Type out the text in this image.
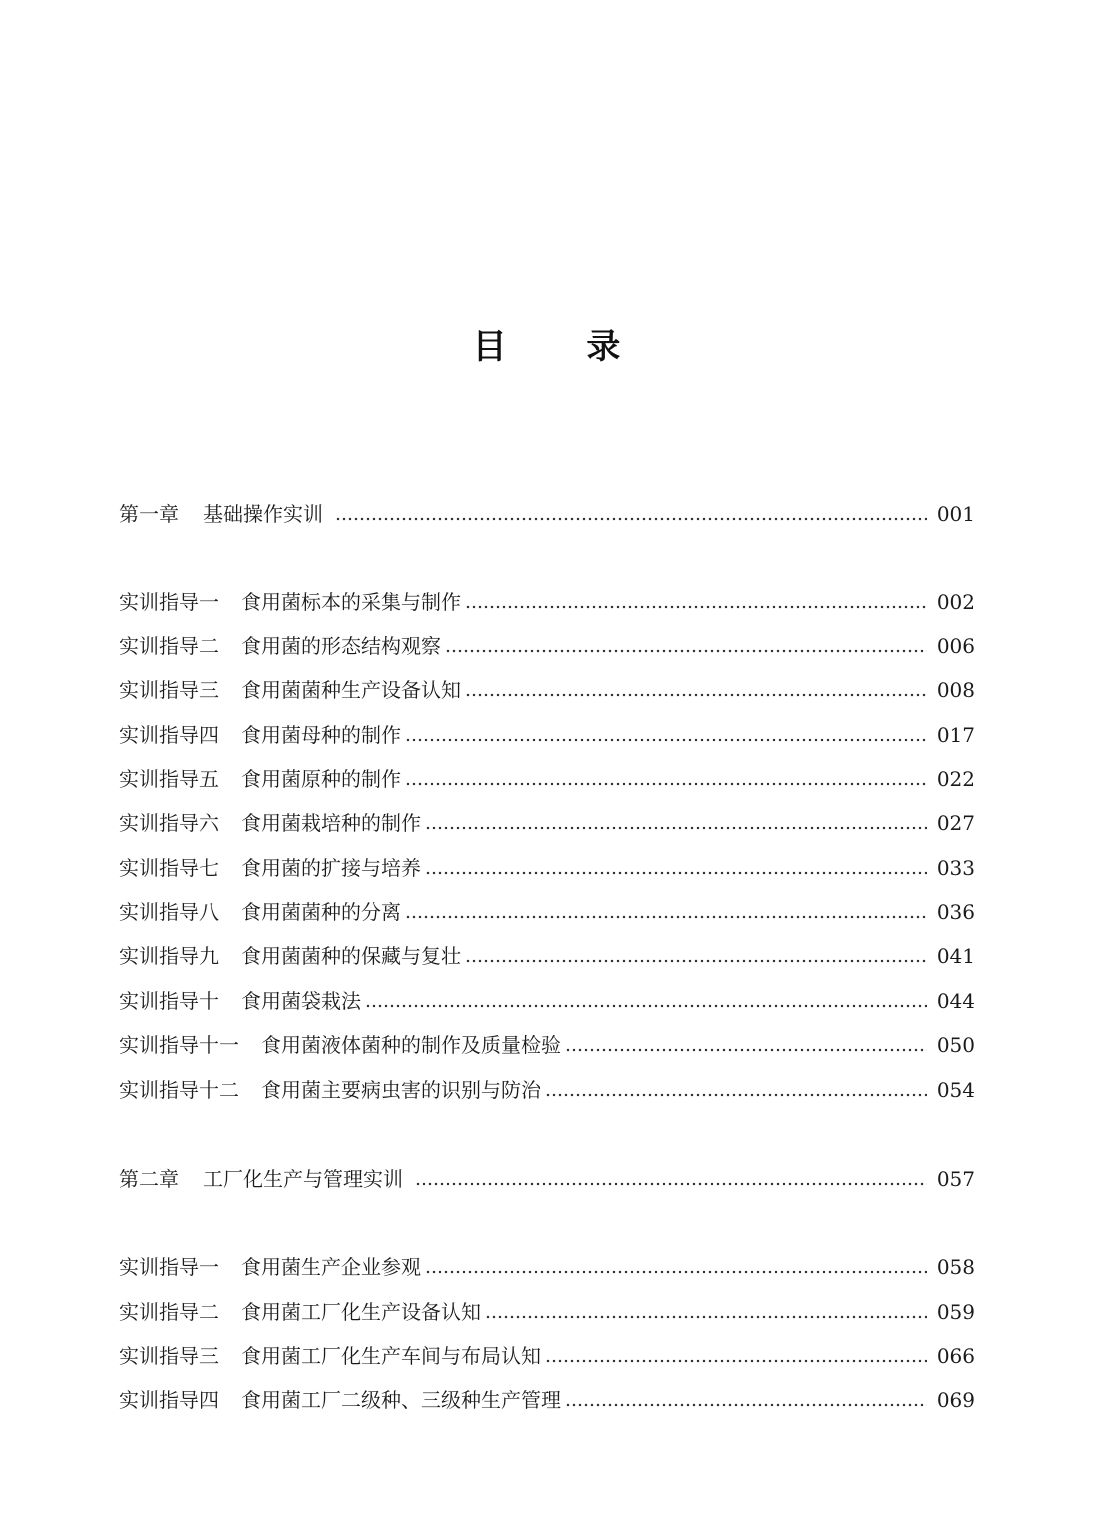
目 录
第一章 基础操作实训	001
实训指导一 食用菌标本的采集与制作	002
实训指导二 食用菌的形态结构观察	006
实训指导三 食用菌菌种生产设备认知	008
实训指导四 食用菌母种的制作	017
实训指导五 食用菌原种的制作	022
实训指导六 食用菌栽培种的制作	027
实训指导七 食用菌的扩接与培养	033
实训指导八 食用菌菌种的分离	036
实训指导九 食用菌菌种的保藏与复壮	041
实训指导十 食用菌袋栽法	044
实训指导十一 食用菌液体菌种的制作及质量检验	050
实训指导十二 食用菌主要病虫害的识别与防治	054
第二章 工厂化生产与管理实训	057
实训指导一 食用菌生产企业参观	058
实训指导二 食用菌工厂化生产设备认知	059
实训指导三 食用菌工厂化生产车间与布局认知	066
实训指导四 食用菌工厂二级种、三级种生产管理	069
